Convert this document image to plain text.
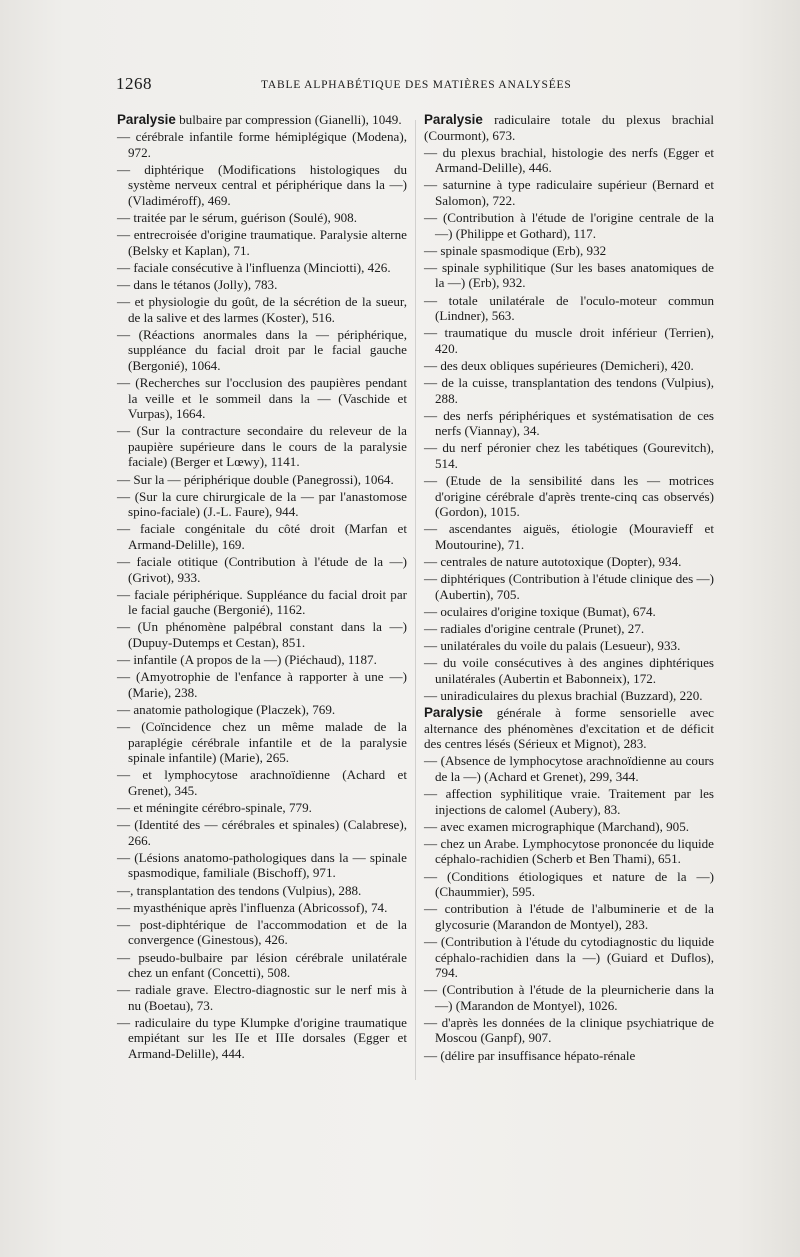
1268	TABLE ALPHABÉTIQUE DES MATIÈRES ANALYSÉES

Paralysie bulbaire par compression (Gianelli), 1049.

— cérébrale infantile forme hémiplégique (Modena), 972.

— diphtérique (Modifications histologiques du système nerveux central et périphérique dans la —) (Vladiméroff), 469.

— traitée par le sérum, guérison (Soulé), 908.

— entrecroisée d'origine traumatique. Paralysie alterne (Belsky et Kaplan), 71.

— faciale consécutive à l'influenza (Minciotti), 426.

— dans le tétanos (Jolly), 783.

— et physiologie du goût, de la sécrétion de la sueur, de la salive et des larmes (Koster), 516.

— (Réactions anormales dans la — périphérique, suppléance du facial droit par le facial gauche (Bergonié), 1064.

— (Recherches sur l'occlusion des paupières pendant la veille et le sommeil dans la — (Vaschide et Vurpas), 1664.

— (Sur la contracture secondaire du releveur de la paupière supérieure dans le cours de la paralysie faciale) (Berger et Lœwy), 1141.

— Sur la — périphérique double (Panegrossi), 1064.

— (Sur la cure chirurgicale de la — par l'anastomose spino-faciale) (J.-L. Faure), 944.

— faciale congénitale du côté droit (Marfan et Armand-Delille), 169.

— faciale otitique (Contribution à l'étude de la —) (Grivot), 933.

— faciale périphérique. Suppléance du facial droit par le facial gauche (Bergonié), 1162.

— (Un phénomène palpébral constant dans la —) (Dupuy-Dutemps et Cestan), 851.

— infantile (A propos de la —) (Piéchaud), 1187.

— (Amyotrophie de l'enfance à rapporter à une —) (Marie), 238.

— anatomie pathologique (Placzek), 769.

— (Coïncidence chez un même malade de la paraplégie cérébrale infantile et de la paralysie spinale infantile) (Marie), 265.

— et lymphocytose arachnoïdienne (Achard et Grenet), 345.

— et méningite cérébro-spinale, 779.

— (Identité des — cérébrales et spinales) (Calabrese), 266.

— (Lésions anatomo-pathologiques dans la — spinale spasmodique, familiale (Bischoff), 971.

—, transplantation des tendons (Vulpius), 288.

— myasthénique après l'influenza (Abricossof), 74.

— post-diphtérique de l'accommodation et de la convergence (Ginestous), 426.

— pseudo-bulbaire par lésion cérébrale unilatérale chez un enfant (Concetti), 508.

— radiale grave. Electro-diagnostic sur le nerf mis à nu (Boetau), 73.

— radiculaire du type Klumpke d'origine traumatique empiétant sur les IIe et IIIe dorsales (Egger et Armand-Delille), 444.

Paralysie radiculaire totale du plexus brachial (Courmont), 673.

— du plexus brachial, histologie des nerfs (Egger et Armand-Delille), 446.

— saturnine à type radiculaire supérieur (Bernard et Salomon), 722.

— (Contribution à l'étude de l'origine centrale de la —) (Philippe et Gothard), 117.

— spinale spasmodique (Erb), 932

— spinale syphilitique (Sur les bases anatomiques de la —) (Erb), 932.

— totale unilatérale de l'oculo-moteur commun (Lindner), 563.

— traumatique du muscle droit inférieur (Terrien), 420.

— des deux obliques supérieures (Demicheri), 420.

— de la cuisse, transplantation des tendons (Vulpius), 288.

— des nerfs périphériques et systématisation de ces nerfs (Viannay), 34.

— du nerf péronier chez les tabétiques (Gourevitch), 514.

— (Etude de la sensibilité dans les — motrices d'origine cérébrale d'après trente-cinq cas observés) (Gordon), 1015.

— ascendantes aiguës, étiologie (Mouravieff et Moutourine), 71.

— centrales de nature autotoxique (Dopter), 934.

— diphtériques (Contribution à l'étude clinique des —) (Aubertin), 705.

— oculaires d'origine toxique (Bumat), 674.

— radiales d'origine centrale (Prunet), 27.

— unilatérales du voile du palais (Lesueur), 933.

— du voile consécutives à des angines diphtériques unilatérales (Aubertin et Babonneix), 172.

— uniradiculaires du plexus brachial (Buzzard), 220.

Paralysie générale à forme sensorielle avec alternance des phénomènes d'excitation et de déficit des centres lésés (Sérieux et Mignot), 283.

— (Absence de lymphocytose arachnoïdienne au cours de la —) (Achard et Grenet), 299, 344.

— affection syphilitique vraie. Traitement par les injections de calomel (Aubery), 83.

— avec examen micrographique (Marchand), 905.

— chez un Arabe. Lymphocytose prononcée du liquide céphalo-rachidien (Scherb et Ben Thami), 651.

— (Conditions étiologiques et nature de la —) (Chaummier), 595.

— contribution à l'étude de l'albuminerie et de la glycosurie (Marandon de Montyel), 283.

— (Contribution à l'étude du cytodiagnostic du liquide céphalo-rachidien dans la —) (Guiard et Duflos), 794.

— (Contribution à l'étude de la pleurnicherie dans la —) (Marandon de Montyel), 1026.

— d'après les données de la clinique psychiatrique de Moscou (Ganpf), 907.

— (délire par insuffisance hépato-rénale
